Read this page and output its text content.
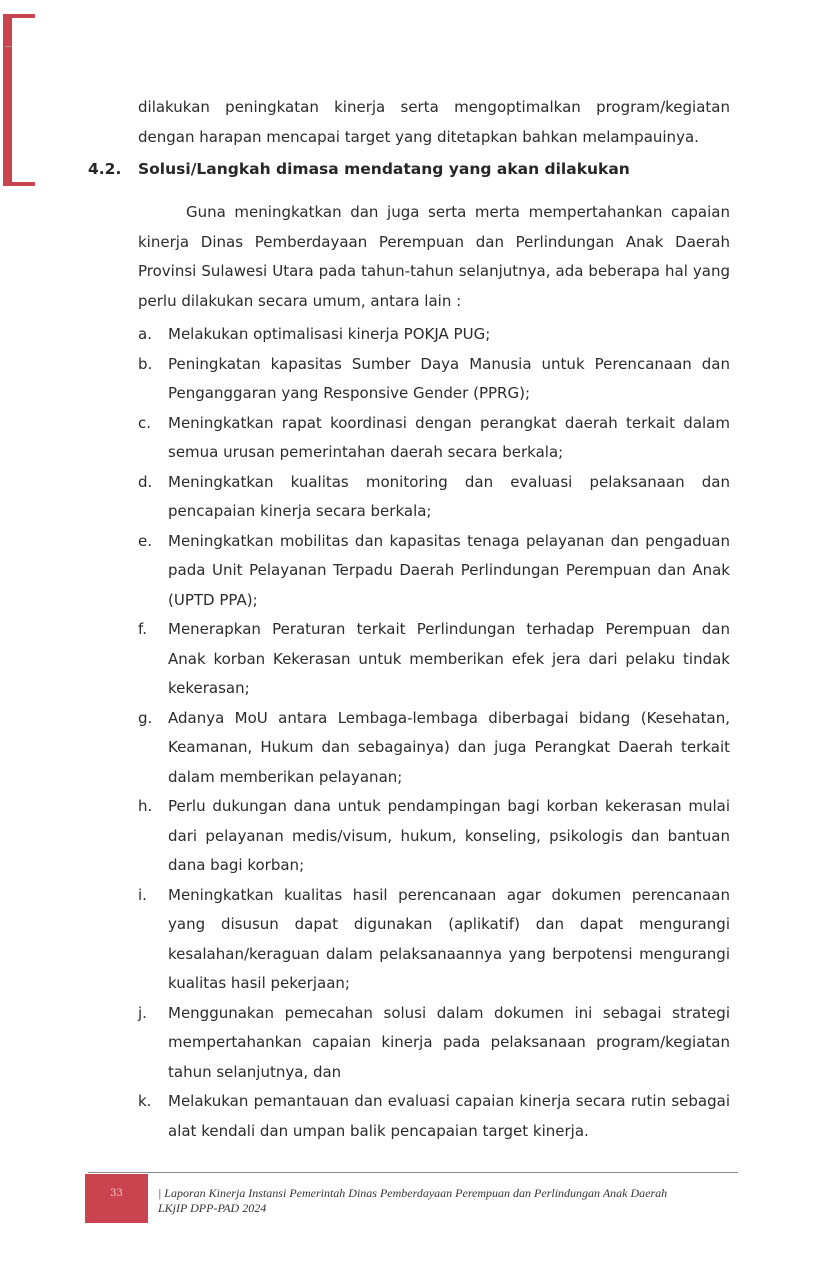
dilakukan peningkatan kinerja serta mengoptimalkan program/kegiatan dengan harapan mencapai target yang ditetapkan bahkan melampauinya.
4.2. Solusi/Langkah dimasa mendatang yang akan dilakukan
Guna meningkatkan dan juga serta merta mempertahankan capaian kinerja Dinas Pemberdayaan Perempuan dan Perlindungan Anak Daerah Provinsi Sulawesi Utara pada tahun-tahun selanjutnya, ada beberapa hal yang perlu dilakukan secara umum, antara lain :
a. Melakukan optimalisasi kinerja POKJA PUG;
b. Peningkatan kapasitas Sumber Daya Manusia untuk Perencanaan dan Penganggaran yang Responsive Gender (PPRG);
c. Meningkatkan rapat koordinasi dengan perangkat daerah terkait dalam semua urusan pemerintahan daerah secara berkala;
d. Meningkatkan kualitas monitoring dan evaluasi pelaksanaan dan pencapaian kinerja secara berkala;
e. Meningkatkan mobilitas dan kapasitas tenaga pelayanan dan pengaduan pada Unit Pelayanan Terpadu Daerah Perlindungan Perempuan dan Anak (UPTD PPA);
f. Menerapkan Peraturan terkait Perlindungan terhadap Perempuan dan Anak korban Kekerasan untuk memberikan efek jera dari pelaku tindak kekerasan;
g. Adanya MoU antara Lembaga-lembaga diberbagai bidang (Kesehatan, Keamanan, Hukum dan sebagainya) dan juga Perangkat Daerah terkait dalam memberikan pelayanan;
h. Perlu dukungan dana untuk pendampingan bagi korban kekerasan mulai dari pelayanan medis/visum, hukum, konseling, psikologis dan bantuan dana bagi korban;
i. Meningkatkan kualitas hasil perencanaan agar dokumen perencanaan yang disusun dapat digunakan (aplikatif) dan dapat mengurangi kesalahan/keraguan dalam pelaksanaannya yang berpotensi mengurangi kualitas hasil pekerjaan;
j. Menggunakan pemecahan solusi dalam dokumen ini sebagai strategi mempertahankan capaian kinerja pada pelaksanaan program/kegiatan tahun selanjutnya, dan
k. Melakukan pemantauan dan evaluasi capaian kinerja secara rutin sebagai alat kendali dan umpan balik pencapaian target kinerja.
33	| Laporan Kinerja Instansi Pemerintah Dinas Pemberdayaan Perempuan dan Perlindungan Anak Daerah
LKjIP DPP-PAD 2024
